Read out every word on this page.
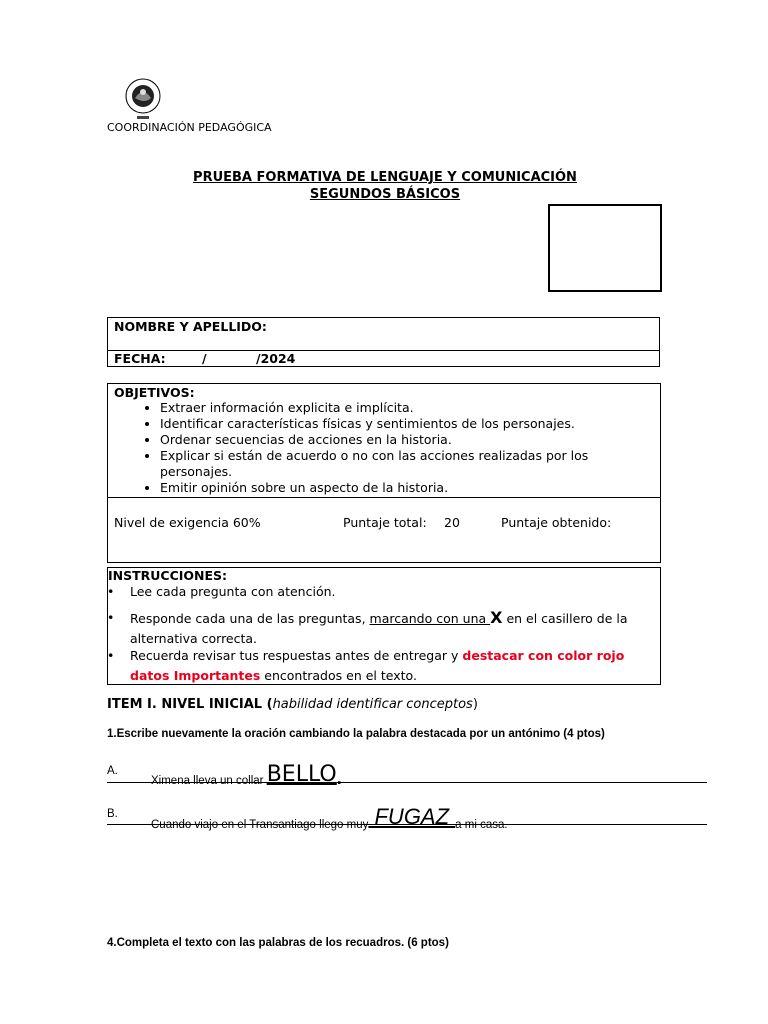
COORDINACIÓN PEDAGÓGICA
PRUEBA FORMATIVA DE LENGUAJE Y COMUNICACIÓN
SEGUNDOS BÁSICOS
NOMBRE Y APELLIDO:
FECHA:	/	/2024
OBJETIVOS:
• Extraer información explicita e implícita.
• Identificar características físicas y sentimientos de los personajes.
• Ordenar secuencias de acciones en la historia.
• Explicar si están de acuerdo o no con las acciones realizadas por los personajes.
• Emitir opinión sobre un aspecto de la historia.
Nivel de exigencia 60%	Puntaje total: 20	Puntaje obtenido:
INSTRUCCIONES:
• Lee cada pregunta con atención.
• Responde cada una de las preguntas, marcando con una X en el casillero de la alternativa correcta.
• Recuerda revisar tus respuestas antes de entregar y destacar con color rojo datos Importantes encontrados en el texto.
ITEM I. NIVEL INICIAL (habilidad identificar conceptos)
1.Escribe nuevamente la oración cambiando la palabra destacada por un antónimo (4 ptos)
A.
Ximena lleva un collar BELLO.
B.
Cuando viajo en el Transantiago llego muy FUGAZ a mi casa.
4.Completa el texto con las palabras de los recuadros. (6 ptos)
